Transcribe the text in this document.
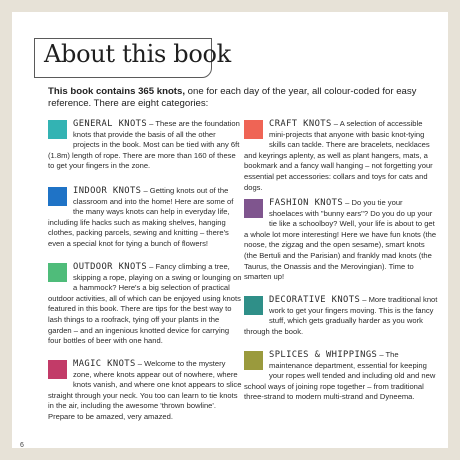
About this book
This book contains 365 knots, one for each day of the year, all colour-coded for easy reference. There are eight categories:
GENERAL KNOTS – These are the foundation knots that provide the basis of all the other projects in the book. Most can be tied with any 6ft (1.8m) length of rope. There are more than 160 of these to get your fingers in the zone.
INDOOR KNOTS – Getting knots out of the classroom and into the home! Here are some of the many ways knots can help in everyday life, including life hacks such as making shelves, hanging clothes, packing parcels, sewing and knitting – there's even a special knot for tying a bunch of flowers!
OUTDOOR KNOTS – Fancy climbing a tree, skipping a rope, playing on a swing or lounging on a hammock? Here's a big selection of practical outdoor activities, all of which can be enjoyed using knots featured in this book. There are tips for the best way to lash things to a roofrack, tying off your plants in the garden – and an ingenious knotted device for carrying four bottles of beer with one hand.
MAGIC KNOTS – Welcome to the mystery zone, where knots appear out of nowhere, where knots vanish, and where one knot appears to slice straight through your neck. You too can learn to tie knots in the air, including the awesome 'thrown bowline'. Prepare to be amazed, very amazed.
CRAFT KNOTS – A selection of accessible mini-projects that anyone with basic knot-tying skills can tackle. There are bracelets, necklaces and keyrings aplenty, as well as plant hangers, mats, a bookmark and a fancy wall hanging – not forgetting your essential pet accessories: collars and toys for cats and dogs.
FASHION KNOTS – Do you tie your shoelaces with "bunny ears"? Do you do up your tie like a schoolboy? Well, your life is about to get a whole lot more interesting! Here we have fun knots (the noose, the zigzag and the open sesame), smart knots (the Bertuli and the Parisian) and frankly mad knots (the Taurus, the Onassis and the Merovingian). Time to smarten up!
DECORATIVE KNOTS – More traditional knot work to get your fingers moving. This is the fancy stuff, which gets gradually harder as you work through the book.
SPLICES & WHIPPINGS – The maintenance department, essential for keeping your ropes well tended and including old and new school ways of joining rope together – from traditional three-strand to modern multi-strand and Dyneema.
6
